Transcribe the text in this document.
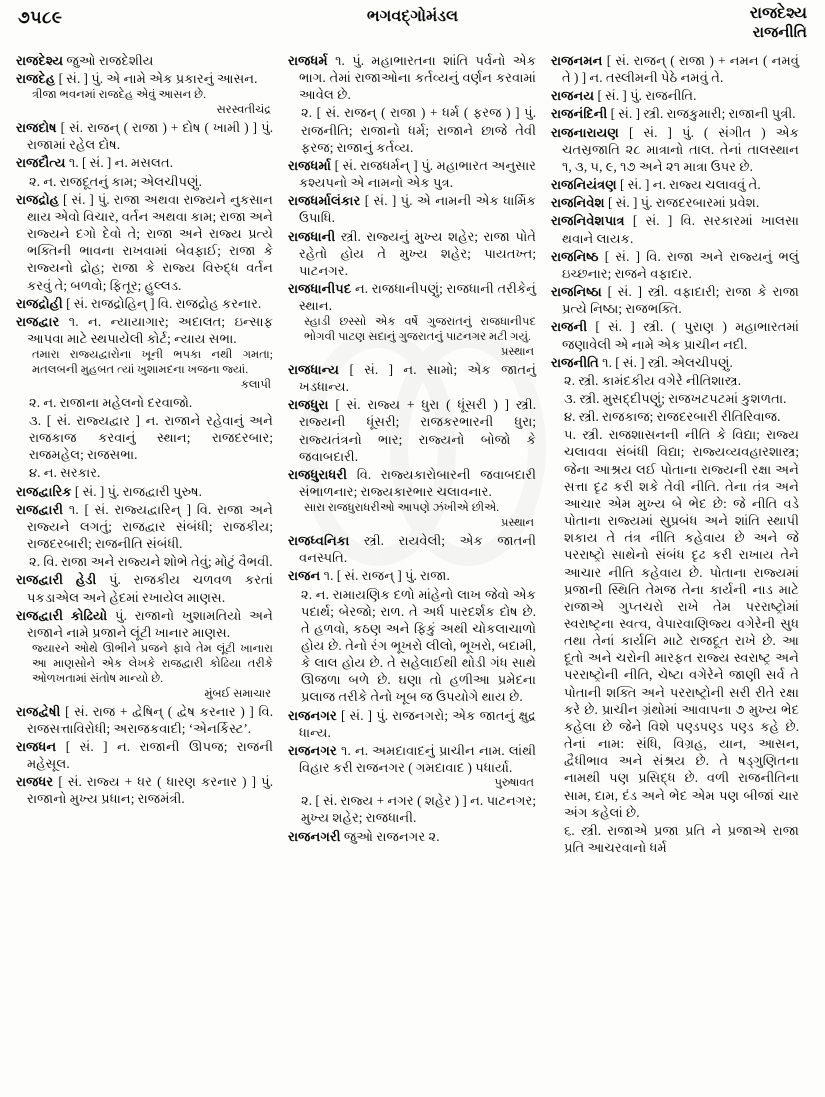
૭૫૮૯	ભગવદ્ગોમંડલ	રાજદેશ્ય
રાજનીતિ

રાજદેશ્ય જુઓ રાજદેશીય

રાજદેહ [ સં. ] પું. એ નામે એક પ્રકારનું આસન.

ત્રીજા ભવનમાં રાજદેહ એવું આસન છે.

સરસ્વતીચંદ્ર

રાજદોષ [ સં. રાજન્ ( રાજા ) + દોષ ( ખામી ) ] પું. રાજામાં રહેલ દોષ.

રાજદૌત્ય ૧. [ સં. ] ન. મસલત.

૨. ન. રાજદૂતનું કામ; એલચીપણું.

રાજદ્રોહ [ સં. ] પું. રાજા અથવા રાજ્યને નુકસાન થાય એવો વિચાર, વર્તન અથવા કામ; રાજા અને રાજ્યને દગો દેવો તે; રાજા અને રાજ્ય પ્રત્યે ભક્તિની ભાવના રાખવામાં બેવફાઈ; રાજા કે રાજ્યનો દ્રોહ; રાજા કે રાજ્ય વિરુદ્ધ વર્તન કરવું તે; બળવો; ફિતૂર; હુલ્લડ.

રાજદ્રોહી [ સં. રાજદ્રોહિન્ ] વિ. રાજદ્રોહ કરનાર.

રાજદ્વાર ૧. ન. ન્યાયાગાર; અદાલત; ઇન્સાફ આપવા માટે સ્થપાયેલી કોર્ટ; ન્યાય સભા.

તમારા રાજ્યદ્વારોના ખૂની ભપકા નથી ગમતા; મતલબની મુહબત ત્યાં ખુશામદના ખજના જ્યાં.

કલાપી

૨. ન. રાજાના મહેલનો દરવાજો.

૩. [ સં. રાજ્યદ્વાર ] ન. રાજાને રહેવાનું અને રાજકાજ કરવાનું સ્થાન; રાજદરબાર; રાજમહેલ; રાજસભા.

૪. ન. સરકાર.

રાજદ્વારિક [ સં. ] પું. રાજદ્વારી પુરુષ.

રાજદ્વારી ૧. [ સં. રાજ્યદ્વારિન્ ] વિ. રાજા અને રાજ્યને લગતું; રાજદ્વાર સંબંધી; રાજકીય; રાજદરબારી; રાજનીતિ સંબંધી.

૨. વિ. રાજા અને રાજ્યને શોભે તેવું; મોટું વૈભવી.

રાજદ્વારી હેડી પું. રાજકીય ચળવળ કરતાં પકડાએલ અને હેદમાં રખાયેલ માણસ.

રાજદ્વારી કોઢિયો પું. રાજાનો ખુશામતિયો અને રાજાને નામે પ્રજાને લૂંટી ખાનાર માણસ.

જ્યારને ઓથે ઊભીને પ્રજને ફાવે તેમ લૂંટી ખાનારા આ માણસોને એક લેખકે રાજદ્વારી કોઢિયા તરીકે ઓળખતામાં સંતોષ માન્યો છે.

મુંબઈ સમાચાર

રાજદ્વેષી [ સં. રાજ + દ્વેષિન્ ( દ્વેષ કરનાર ) ] વિ. રાજસત્તાવિરોધી; અરાજકવાદી; ‘એનર્કિસ્ટ’.

રાજધન [ સં. ] ન. રાજાની ઊપજ; રાજની મહેસૂલ.

રાજધર [ સં. રાજ્ય + ધર ( ધારણ કરનાર ) ] પું. રાજાનો મુખ્ય પ્રધાન; રાજમંત્રી.

રાજધર્મ ૧. પું. મહાભારતના શાંતિ પર્વનો એક ભાગ. તેમાં રાજાઓના કર્તવ્યનું વર્ણન કરવામાં આવેલ છે.

૨. [ સં. રાજન્ ( રાજા ) + ધર્મ ( ફરજ ) ] પું. રાજનીતિ; રાજાનો ધર્મ; રાજાને છાજે તેવી ફરજ; રાજાનું કર્તવ્ય.

રાજધર્મા [ સં. રાજધર્મન્ ] પું. મહાભારત અનુસાર કશ્યપનો એ નામનો એક પુત્ર.

રાજધર્માલંકાર [ સં. ] પું. એ નામની એક ધાર્મિક ઉપાધિ.

રાજધાની સ્ત્રી. રાજ્યનું મુખ્ય શહેર; રાજા પોતે રહેતો હોય તે મુખ્ય શહેર; પાયતખ્ત; પાટનગર.

રાજધાનીપદ ન. રાજધાનીપણું; રાજધાની તરીકેનું સ્થાન.

સ્હાડી છસ્સો એક વર્ષે ગુજરાતનું રાજધાનીપદ ભોગવી પાટણ સદાનું ગુજરાતનું પાટનગર મટી ગયું.

પ્રસ્થાન

રાજધાન્ય [ સં. ] ન. સામો; એક જાતનું ખડધાન્ય.

રાજધુરા [ સં. રાજ્ય + ધુરા ( ધૂંસરી ) ] સ્ત્રી. રાજ્યની ધૂંસરી; રાજકરભારની ધુરા; રાજ્યતંત્રનો ભાર; રાજ્યનો બોજો કે જવાબદારી.

રાજધુરાધરી વિ. રાજ્યકારોબારની જવાબદારી સંભાળનાર; રાજ્યકારભાર ચલાવનાર.

સારા રાજધુરાધરીઓ આપણે ઝંખીએ છીએ.

પ્રસ્થાન

રાજધ્વનિકા સ્ત્રી. રાયવેલી; એક જાતની વનસ્પતિ.

રાજન ૧. [ સં. રાજન્ ] પું. રાજા.

૨. ન. રામાયણિક દળો માંહેનો લાખ જેવો એક પદાર્થ; બેરજો; રાળ. તે અર્ધ પારદર્શક દોષ છે. તે હળવો, કઠણ અને ફિકું અથી ચોકલાચાળો હોય છે. તેનો રંગ ભૂખરો લીલો, ભૂખરો, બદામી, કે લાલ હોય છે. તે સહેલાઈથી થોડી ગંધ સાથે ઊજળા બળે છે. ઘણા તો હળીઆ પ્રમેદના પ્રલાજ તરીકે તેનો ખૂબ જ ઉપયોગે થાય છે.

રાજનગર [ સં. ] પું. રાજનગરો; એક જાતનું ક્ષુદ્ર ધાન્ય.

રાજનગર ૧. ન. અમદાવાદનું પ્રાચીન નામ. લાંથી વિહાર કરી રાજનગર ( ગમદાવાદ ) પધાર્યા.

પુરુષાવત

૨. [ સં. રાજ્ય + નગર ( શહેર ) ] ન. પાટનગર; મુખ્ય શહેર; રાજધાની.

રાજનગરી જુઓ રાજનગર ૨.

રાજનમન [ સં. રાજન્ ( રાજા ) + નમન ( નમવું તે ) ] ન. તસ્લીમની પેઠે નમવું તે.

રાજનય [ સં. ] પું. રાજનીતિ.

રાજનંદિની [ સં. ] સ્ત્રી. રાજકુમારી; રાજાની પુત્રી.

રાજનારાયણ [ સં. ] પું. ( સંગીત ) એક ચતસ્રજાતિ ૨૮ માત્રાનો તાલ. તેનાં તાલસ્થાન ૧, ૩, ૫, ૯, ૧૭ અને ૨૧ માત્રા ઉપર છે.

રાજનિયંત્રણ [ સં. ] ન. રાજ્ય ચલાવવું તે.

રાજનિવેશ [ સં. ] પું. રાજદરબારમાં પ્રવેશ.

રાજનિવેશપાત્ર [ સં. ] વિ. સરકારમાં ખાલસા થવાને લાયક.

રાજનિષ્ઠ [ સં. ] વિ. રાજા અને રાજ્યનું ભલું ઇચ્છનાર; રાજને વફાદાર.

રાજનિષ્ઠા [ સં. ] સ્ત્રી. વફાદારી; રાજા કે રાજા પ્રત્યે નિષ્ઠા; રાજભક્તિ.

રાજની [ સં. ] સ્ત્રી. ( પુરાણ ) મહાભારતમાં જણાવેલી એ નામે એક પ્રાચીન નદી.

રાજનીતિ ૧. [ સં. ] સ્ત્રી. એલચીપણું.

૨. સ્ત્રી. કામંદકીય વગેરે નીતિશાસ્ત્ર.

૩. સ્ત્રી. મુસદ્દીપણું; રાજખટપટમાં કુશળતા.

૪. સ્ત્રી. રાજકાજ; રાજદરબારી રીતિરિવાજ.

૫. સ્ત્રી. રાજશાસનની નીતિ કે વિદ્યા; રાજ્ય ચલાવવા સંબંધી વિદ્યા; રાજ્યવ્યવહારશાસ્ત્ર; જેના આશ્રય લઈ પોતાના રાજ્યની રક્ષા અને સત્તા દૃઢ કરી શકે તેવી નીતિ. તેના તંત્ર અને આચાર એમ મુખ્ય બે ભેદ છે: જે નીતિ વડે પોતાના રાજ્યમાં સુપ્રબંધ અને શાંતિ સ્થાપી શકાય તે તંત્ર નીતિ કહેવાય છે અને જે પરરાષ્ટ્રો સાથેનો સંબંધ દૃઢ કરી રાખાય તેને આચાર નીતિ કહેવાય છે. પોતાના રાજ્યમાં પ્રજાની સ્થિતિ તેમજ તેના કાર્યની નાડ માટે રાજાએ ગુપ્તચરો રાખે તેમ પરરાષ્ટ્રોમાં સ્વરાષ્ટ્રના સ્વત્વ, વેપારવાણિજ્ય વગેરેની સુધ તથા તેનાં કાર્યનિ માટે રાજદૂત રાખે છે. આ દૂતો અને ચરોની મારફત રાજ્ય સ્વરાષ્ટ્ર અને પરરાષ્ટ્રોની નીતિ, ચેષ્ટા વગેરેને જાણી સર્વ તે પોતાની શક્તિ અને પરરાષ્ટ્રોની સરી રીતે રક્ષા કરે છે. પ્રાચીન ગ્રંથોમાં આવાપના ૭ મુખ્ય ભેદ કહેલા છે જેને વિશે પણ્ડપણ્ડ પણ્ડ કહે છે. તેનાં નામ: સંધિ, વિગ્રહ, યાન, આસન, દ્વૈધીભાવ અને સંશ્રય છે. તે ષડ્‌ગુણિતના નામથી પણ પ્રસિદ્ધ છે. વળી રાજનીતિના સામ, દામ, દંડ અને ભેદ એમ પણ બીજાં ચાર અંગ કહેલાં છે.

૬. સ્ત્રી. રાજાએ પ્રજા પ્રતિ ને પ્રજાએ રાજા પ્રતિ આચરવાનો ધર્મ
